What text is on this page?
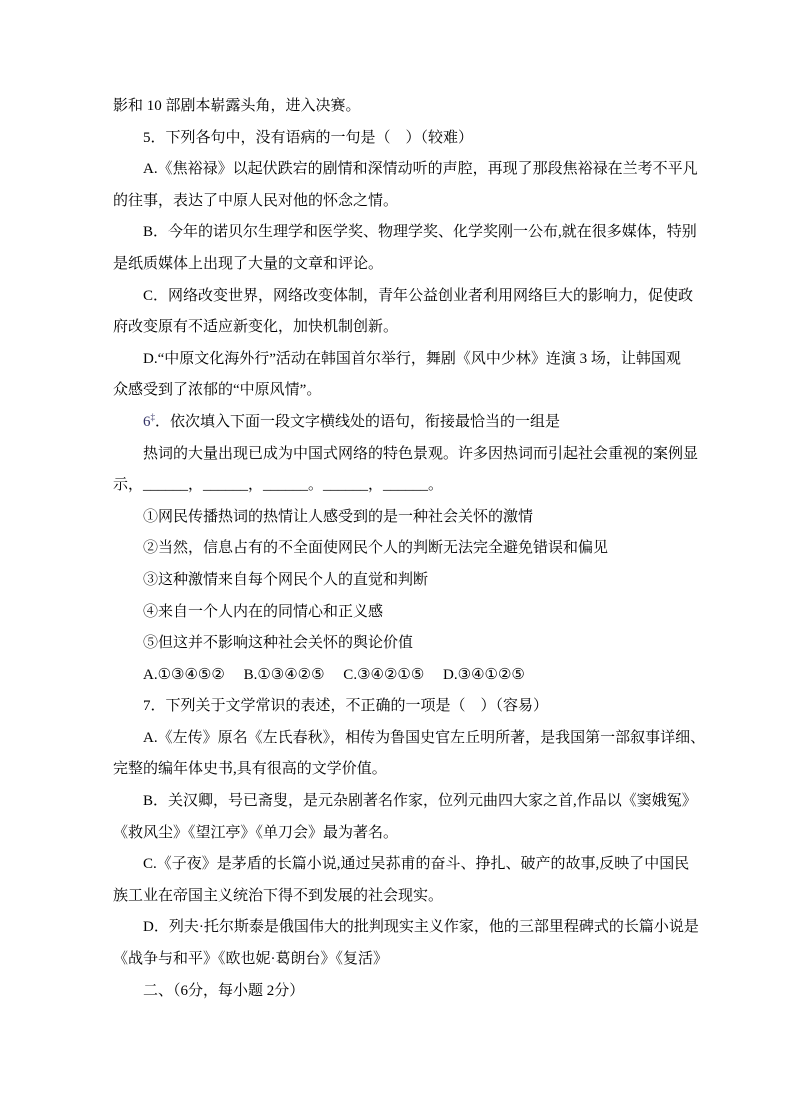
影和 10 部剧本崭露头角，进入决赛。
5．下列各句中，没有语病的一句是（　）（较难）
A.《焦裕禄》以起伏跌宕的剧情和深情动听的声腔，再现了那段焦裕禄在兰考不平凡
的往事，表达了中原人民对他的怀念之情。
B．今年的诺贝尔生理学和医学奖、物理学奖、化学奖刚一公布,就在很多媒体，特别
是纸质媒体上出现了大量的文章和评论。
C．网络改变世界，网络改变体制，青年公益创业者利用网络巨大的影响力，促使政
府改变原有不适应新变化，加快机制创新。
D.“中原文化海外行”活动在韩国首尔举行，舞剧《风中少林》连演 3 场，让韩国观
众感受到了浓郁的“中原风情”。
6‡．依次填入下面一段文字横线处的语句，衔接最恰当的一组是
热词的大量出现已成为中国式网络的特色景观。许多因热词而引起社会重视的案例显
示，______，______，______。______，______。
①网民传播热词的热情让人感受到的是一种社会关怀的激情
②当然，信息占有的不全面使网民个人的判断无法完全避免错误和偏见
③这种激情来自每个网民个人的直觉和判断
④来自一个人内在的同情心和正义感
⑤但这并不影响这种社会关怀的舆论价值
A.①③④⑤②　 B.①③④②⑤　 C.③④②①⑤　 D.③④①②⑤
7．下列关于文学常识的表述，不正确的一项是（　）（容易）
A.《左传》原名《左氏春秋》，相传为鲁国史官左丘明所著，是我国第一部叙事详细、
完整的编年体史书,具有很高的文学价值。
B．关汉卿，号已斋叟，是元杂剧著名作家，位列元曲四大家之首,作品以《窦娥冤》
《救风尘》《望江亭》《单刀会》最为著名。
C.《子夜》是茅盾的长篇小说,通过吴荪甫的奋斗、挣扎、破产的故事,反映了中国民
族工业在帝国主义统治下得不到发展的社会现实。
D．列夫·托尔斯泰是俄国伟大的批判现实主义作家，他的三部里程碑式的长篇小说是
《战争与和平》《欧也妮·葛朗台》《复活》
二、（6分，每小题 2分）
